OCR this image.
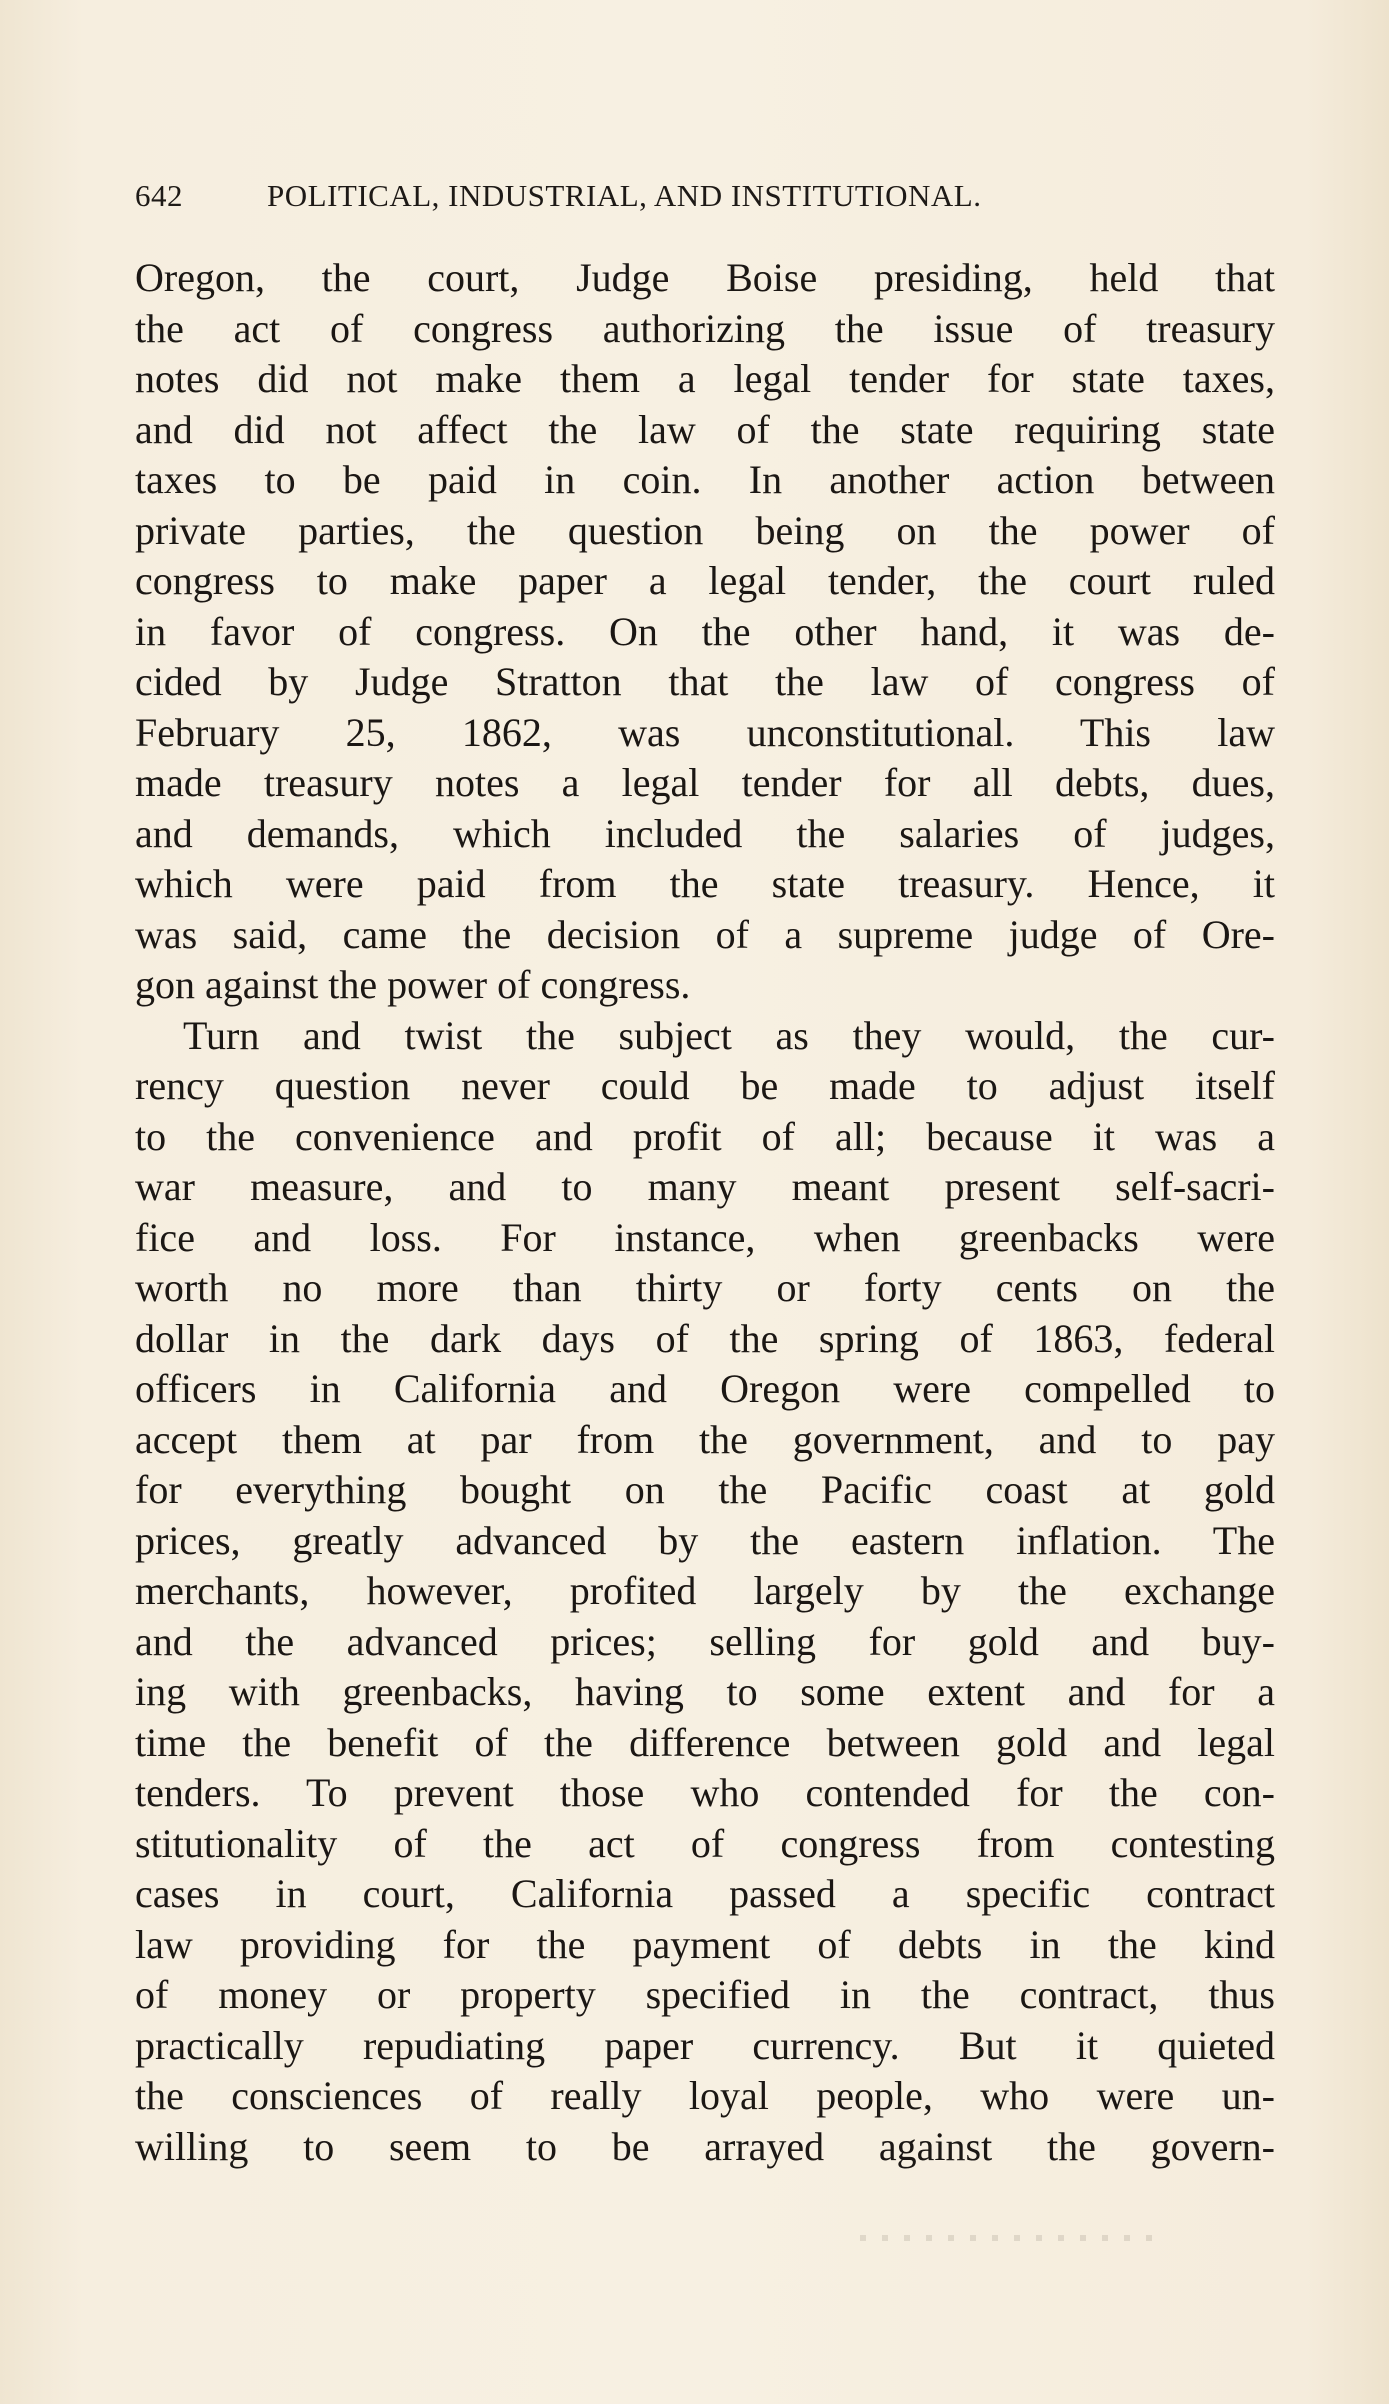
642	POLITICAL, INDUSTRIAL, AND INSTITUTIONAL.
Oregon, the court, Judge Boise presiding, held that
the act of congress authorizing the issue of treasury
notes did not make them a legal tender for state taxes,
and did not affect the law of the state requiring state
taxes to be paid in coin. In another action between
private parties, the question being on the power of
congress to make paper a legal tender, the court ruled
in favor of congress. On the other hand, it was de-
cided by Judge Stratton that the law of congress of
February 25, 1862, was unconstitutional. This law
made treasury notes a legal tender for all debts, dues,
and demands, which included the salaries of judges,
which were paid from the state treasury. Hence, it
was said, came the decision of a supreme judge of Ore-
gon against the power of congress.
Turn and twist the subject as they would, the cur-
rency question never could be made to adjust itself
to the convenience and profit of all; because it was a
war measure, and to many meant present self-sacri-
fice and loss. For instance, when greenbacks were
worth no more than thirty or forty cents on the
dollar in the dark days of the spring of 1863, federal
officers in California and Oregon were compelled to
accept them at par from the government, and to pay
for everything bought on the Pacific coast at gold
prices, greatly advanced by the eastern inflation. The
merchants, however, profited largely by the exchange
and the advanced prices; selling for gold and buy-
ing with greenbacks, having to some extent and for a
time the benefit of the difference between gold and legal
tenders. To prevent those who contended for the con-
stitutionality of the act of congress from contesting
cases in court, California passed a specific contract
law providing for the payment of debts in the kind
of money or property specified in the contract, thus
practically repudiating paper currency. But it quieted
the consciences of really loyal people, who were un-
willing to seem to be arrayed against the govern-
